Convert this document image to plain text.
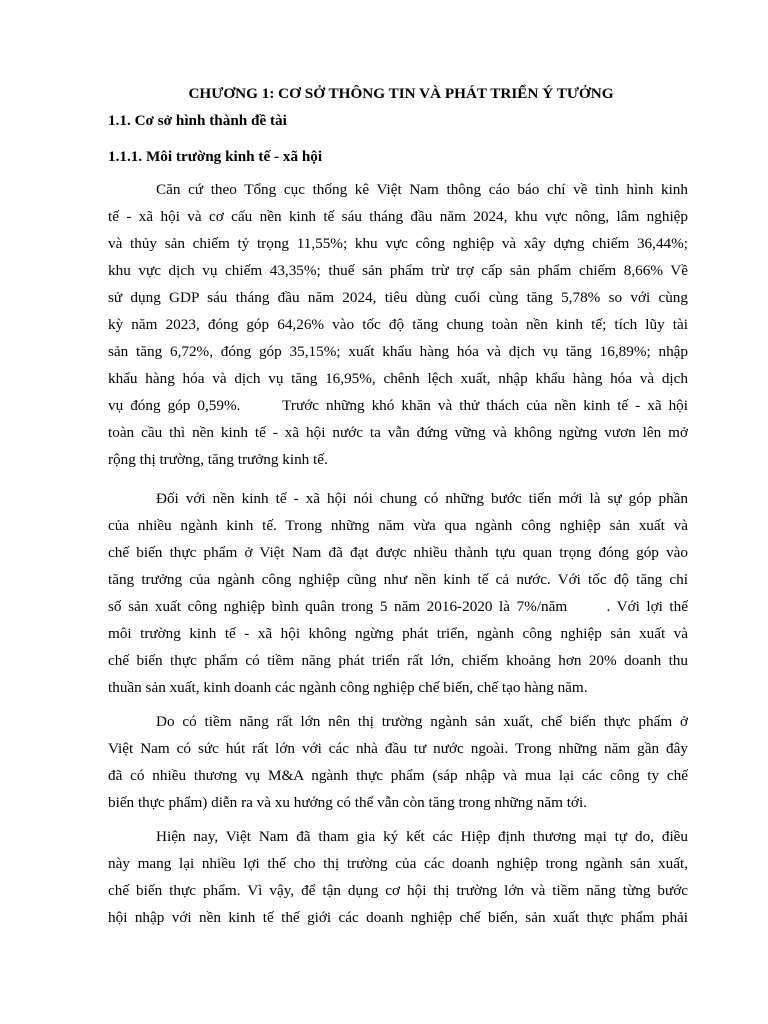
CHƯƠNG 1: CƠ SỞ THÔNG TIN VÀ PHÁT TRIỂN Ý TƯỞNG
1.1. Cơ sở hình thành đề tài
1.1.1. Môi trường kinh tế - xã hội
Căn cứ theo Tổng cục thống kê Việt Nam thông cáo báo chí về tình hình kinh
tế - xã hội và cơ cấu nền kinh tế sáu tháng đầu năm 2024, khu vực nông, lâm nghiệp
và thủy sản chiếm tỷ trọng 11,55%; khu vực công nghiệp và xây dựng chiếm 36,44%;
khu vực dịch vụ chiếm 43,35%; thuế sản phẩm trừ trợ cấp sản phẩm chiếm 8,66% Về
sử dụng GDP sáu tháng đầu năm 2024, tiêu dùng cuối cùng tăng 5,78% so với cùng
kỳ năm 2023, đóng góp 64,26% vào tốc độ tăng chung toàn nền kinh tế; tích lũy tài
sản tăng 6,72%, đóng góp 35,15%; xuất khẩu hàng hóa và dịch vụ tăng 16,89%; nhập
khẩu hàng hóa và dịch vụ tăng 16,95%, chênh lệch xuất, nhập khẩu hàng hóa và dịch
vụ đóng góp 0,59%.      Trước những khó khăn và thử thách của nền kinh tế - xã hội
toàn cầu thì nền kinh tế - xã hội nước ta vẫn đứng vững và không ngừng vươn lên mở
rộng thị trường, tăng trưởng kinh tế.
Đối với nền kinh tế - xã hội nói chung có những bước tiến mới là sự góp phần
của nhiều ngành kinh tế. Trong những năm vừa qua ngành công nghiệp sản xuất và
chế biến thực phẩm ở Việt Nam đã đạt được nhiều thành tựu quan trọng đóng góp vào
tăng trưởng của ngành công nghiệp cũng như nền kinh tế cả nước. Với tốc độ tăng chỉ
số sản xuất công nghiệp bình quân trong 5 năm 2016-2020 là 7%/năm      . Với lợi thế
môi trường kinh tế - xã hội không ngừng phát triển, ngành công nghiệp sản xuất và
chế biến thực phẩm có tiềm năng phát triển rất lớn, chiếm khoảng hơn 20% doanh thu
thuần sản xuất, kinh doanh các ngành công nghiệp chế biến, chế tạo hàng năm.
Do có tiềm năng rất lớn nên thị trường ngành sản xuất, chế biến thực phẩm ở
Việt Nam có sức hút rất lớn với các nhà đầu tư nước ngoài. Trong những năm gần đây
đã có nhiều thương vụ M&A ngành thực phẩm (sáp nhập và mua lại các công ty chế
biến thực phẩm) diễn ra và xu hướng có thể vẫn còn tăng trong những năm tới.
Hiện nay, Việt Nam đã tham gia ký kết các Hiệp định thương mại tự do, điều
này mang lại nhiều lợi thế cho thị trường của các doanh nghiệp trong ngành sản xuất,
chế biến thực phẩm. Vì vậy, để tận dụng cơ hội thị trường lớn và tiềm năng từng bước
hội nhập với nền kinh tế thế giới các doanh nghiệp chế biến, sản xuất thực phẩm phải
